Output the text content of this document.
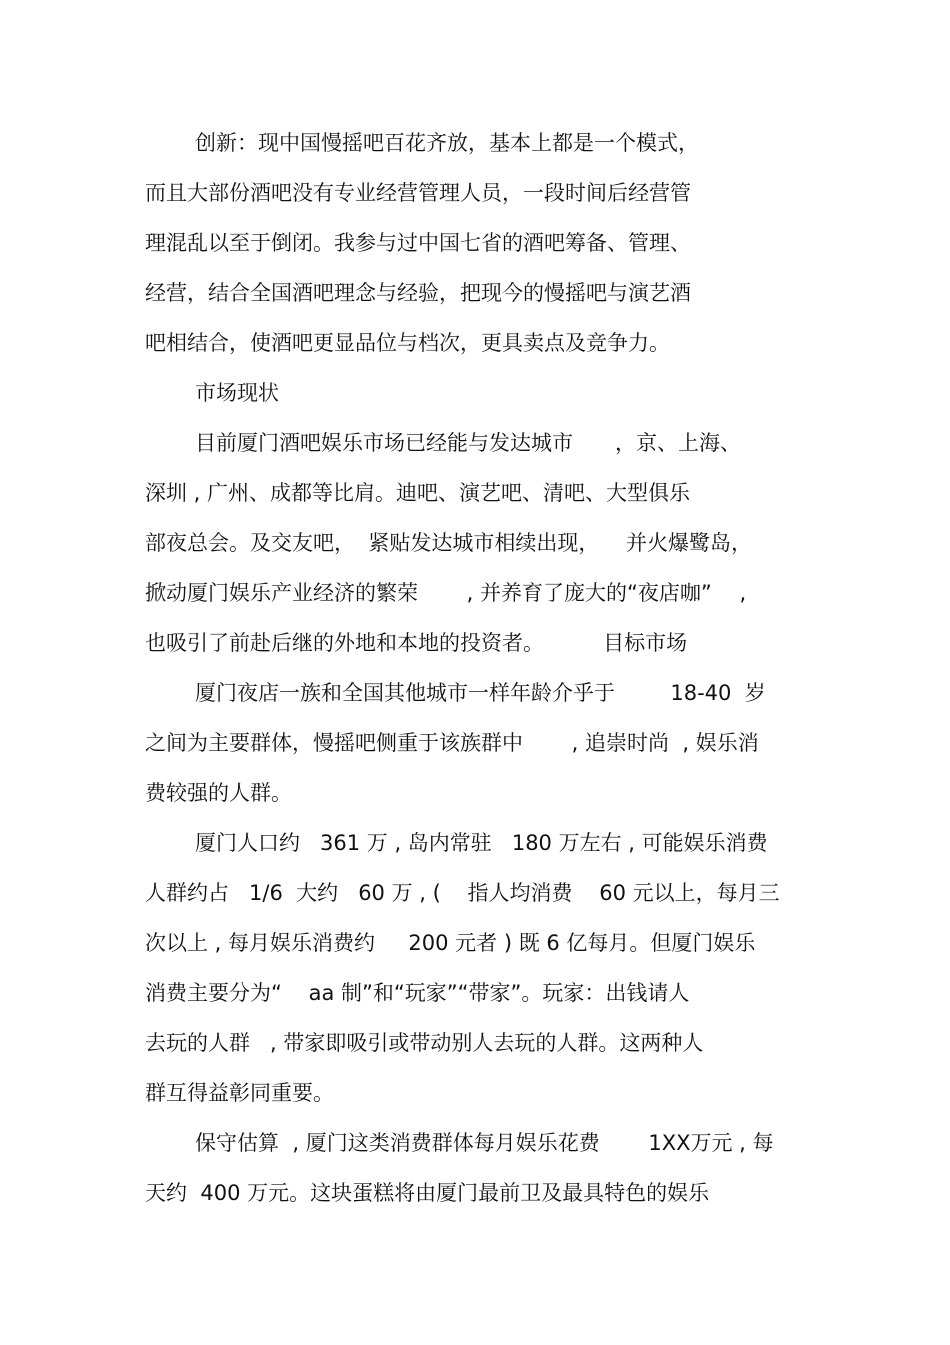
创新：现中国慢摇吧百花齐放，基本上都是一个模式，
而且大部份酒吧没有专业经营管理人员，一段时间后经营管
理混乱以至于倒闭。我参与过中国七省的酒吧筹备、管理、
经营，结合全国酒吧理念与经验，把现今的慢摇吧与演艺酒
吧相结合，使酒吧更显品位与档次，更具卖点及竞争力。
市场现状
目前厦门酒吧娱乐市场已经能与发达城市　　，京、上海、
深圳 , 广州、成都等比肩。迪吧、演艺吧、清吧、大型俱乐
部夜总会。及交友吧，  紧贴发达城市相续出现，    并火爆鹭岛，
掀动厦门娱乐产业经济的繁荣　　 , 并养育了庞大的“夜店咖”　 ,
也吸引了前赴后继的外地和本地的投资者。　　　 目标市场
厦门夜店一族和全国其他城市一样年龄介乎于　　  18-40  岁
之间为主要群体，慢摇吧侧重于该族群中　　 , 追崇时尚  , 娱乐消
费较强的人群。
厦门人口约   361 万 , 岛内常驻   180 万左右 , 可能娱乐消费
人群约占   1/6  大约   60 万 , (    指人均消费    60 元以上，每月三
次以上 , 每月娱乐消费约     200 元者 ) 既 6 亿每月。但厦门娱乐
消费主要分为“    aa 制”和“玩家”“带家”。玩家：出钱请人
去玩的人群   , 带家即吸引或带动别人去玩的人群。这两种人
群互得益彰同重要。
保守估算  , 厦门这类消费群体每月娱乐花费　　 1XX万元 , 每
天约  400 万元。这块蛋糕将由厦门最前卫及最具特色的娱乐
